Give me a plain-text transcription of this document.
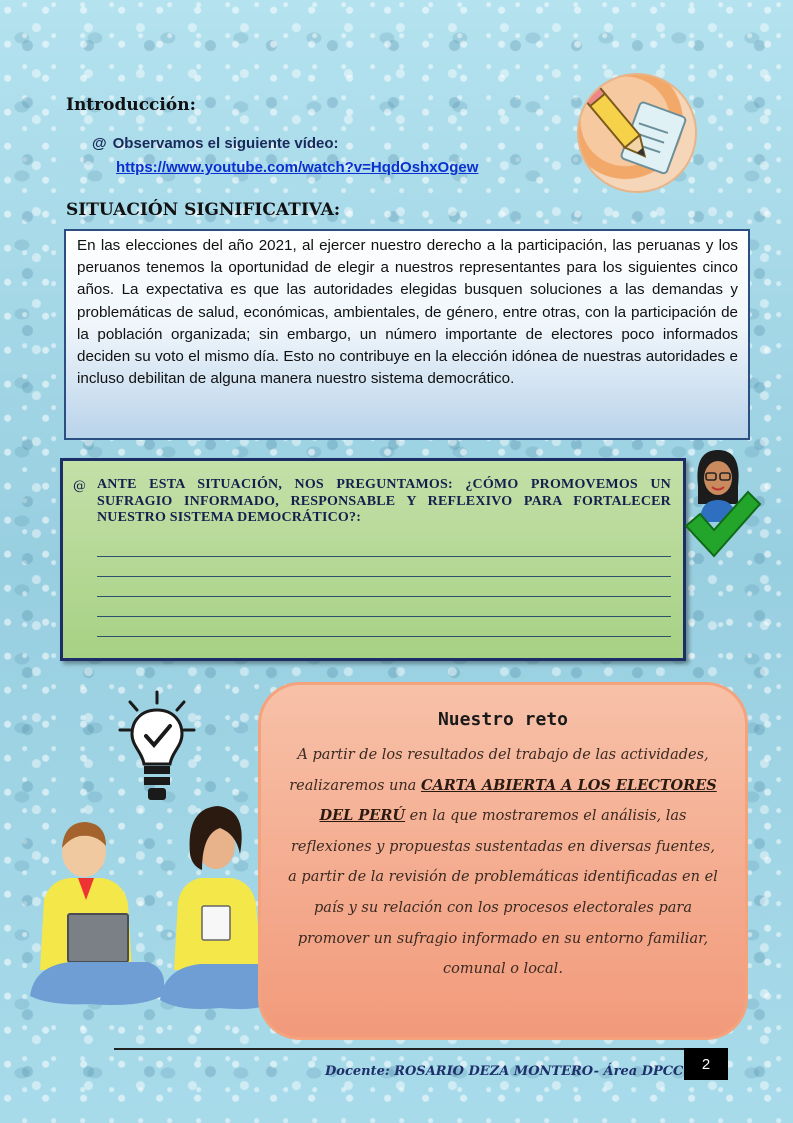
Introducción:
@ Observamos el siguiente vídeo:
https://www.youtube.com/watch?v=HqdOshxOgew
SITUACIÓN SIGNIFICATIVA:

En las elecciones del año 2021, al ejercer nuestro derecho a la participación, las peruanas y los peruanos tenemos la oportunidad de elegir a nuestros representantes para los siguientes cinco años. La expectativa es que las autoridades elegidas busquen soluciones a las demandas y problemáticas de salud, económicas, ambientales, de género, entre otras, con la participación de la población organizada; sin embargo, un número importante de electores poco informados deciden su voto el mismo día. Esto no contribuye en la elección idónea de nuestras autoridades e incluso debilitan de alguna manera nuestro sistema democrático.

@ ANTE ESTA SITUACIÓN, NOS PREGUNTAMOS: ¿CÓMO PROMOVEMOS UN SUFRAGIO INFORMADO, RESPONSABLE Y REFLEXIVO PARA FORTALECER NUESTRO SISTEMA DEMOCRÁTICO?:

Nuestro reto

A partir de los resultados del trabajo de las actividades, realizaremos una CARTA ABIERTA A LOS ELECTORES DEL PERÚ en la que mostraremos el análisis, las reflexiones y propuestas sustentadas en diversas fuentes, a partir de la revisión de problemáticas identificadas en el país y su relación con los procesos electorales para promover un sufragio informado en su entorno familiar, comunal o local.

Docente: ROSARIO DEZA MONTERO- Área DPCC	2
